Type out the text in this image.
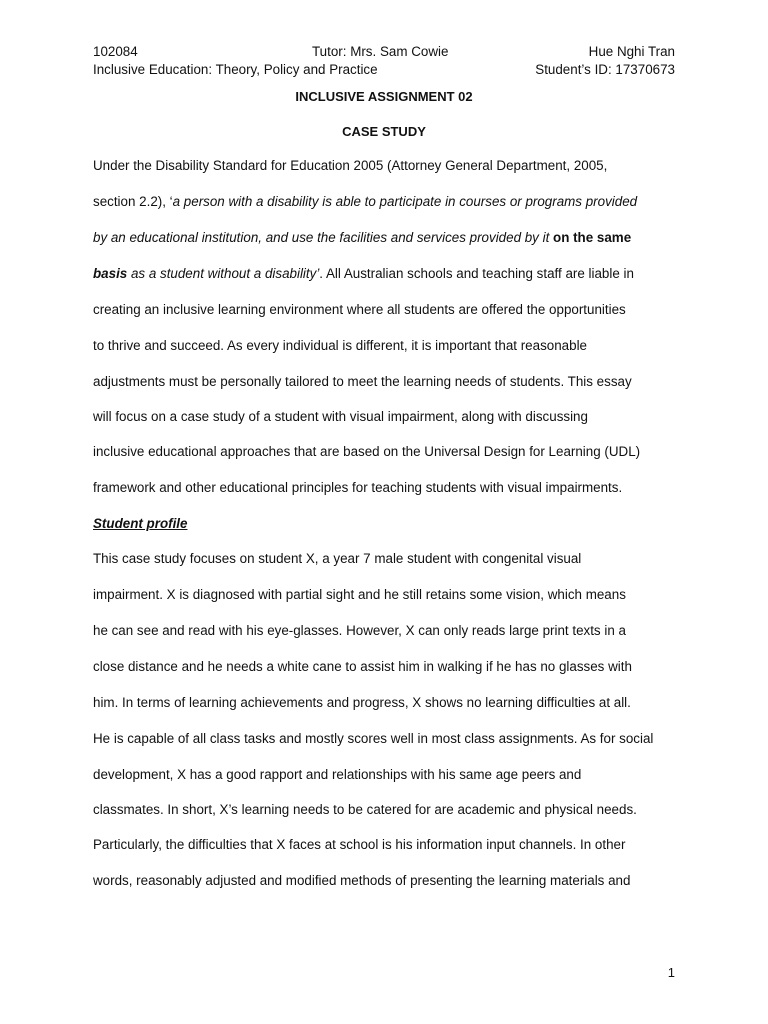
102084	Tutor: Mrs. Sam Cowie	Hue Nghi Tran
Inclusive Education: Theory, Policy and Practice	Student’s ID: 17370673
INCLUSIVE ASSIGNMENT 02
CASE STUDY
Under the Disability Standard for Education 2005 (Attorney General Department, 2005,
section 2.2), ‘a person with a disability is able to participate in courses or programs provided
by an educational institution, and use the facilities and services provided by it on the same
basis as a student without a disability’. All Australian schools and teaching staff are liable in
creating an inclusive learning environment where all students are offered the opportunities
to thrive and succeed. As every individual is different, it is important that reasonable
adjustments must be personally tailored to meet the learning needs of students. This essay
will focus on a case study of a student with visual impairment, along with discussing
inclusive educational approaches that are based on the Universal Design for Learning (UDL)
framework and other educational principles for teaching students with visual impairments.
Student profile
This case study focuses on student X, a year 7 male student with congenital visual
impairment. X is diagnosed with partial sight and he still retains some vision, which means
he can see and read with his eye-glasses. However, X can only reads large print texts in a
close distance and he needs a white cane to assist him in walking if he has no glasses with
him. In terms of learning achievements and progress, X shows no learning difficulties at all.
He is capable of all class tasks and mostly scores well in most class assignments. As for social
development, X has a good rapport and relationships with his same age peers and
classmates. In short, X’s learning needs to be catered for are academic and physical needs.
Particularly, the difficulties that X faces at school is his information input channels. In other
words, reasonably adjusted and modified methods of presenting the learning materials and
1
